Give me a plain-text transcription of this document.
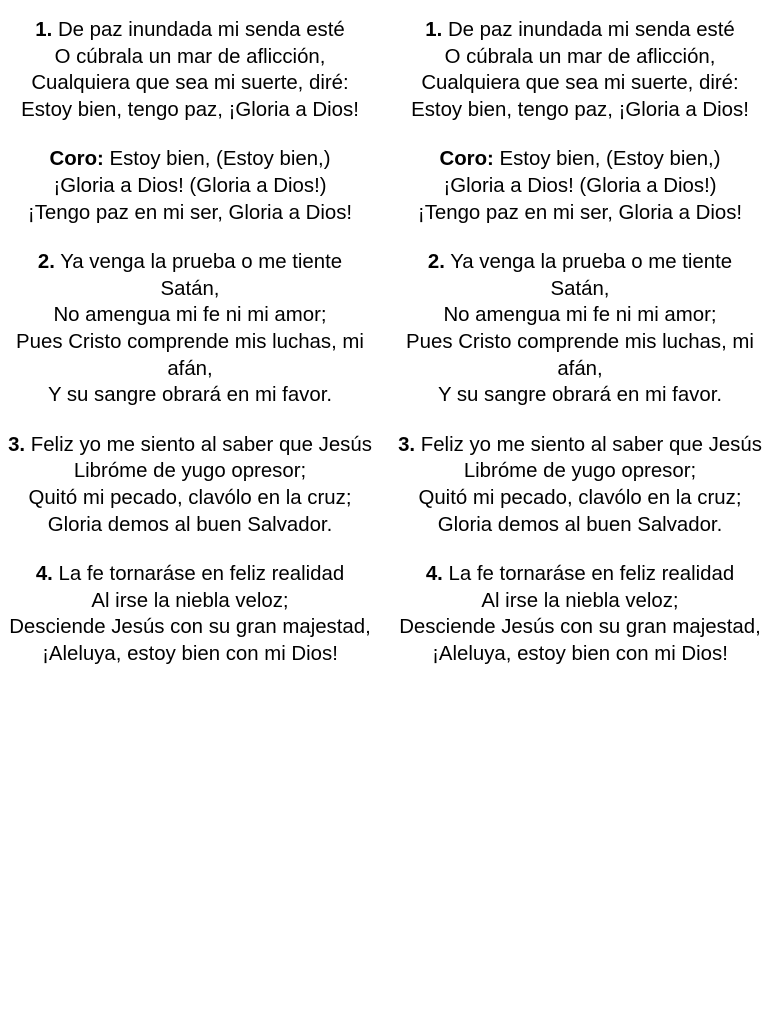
1. De paz inundada mi senda esté
O cúbrala un mar de aflicción,
Cualquiera que sea mi suerte, diré:
Estoy bien, tengo paz, ¡Gloria a Dios!
Coro: Estoy bien, (Estoy bien,)
¡Gloria a Dios! (Gloria a Dios!)
¡Tengo paz en mi ser, Gloria a Dios!
2. Ya venga la prueba o me tiente Satán,
No amengua mi fe ni mi amor;
Pues Cristo comprende mis luchas, mi afán,
Y su sangre obrará en mi favor.
3. Feliz yo me siento al saber que Jesús
Libróme de yugo opresor;
Quitó mi pecado, clavólo en la cruz;
Gloria demos al buen Salvador.
4. La fe tornaráse en feliz realidad
Al irse la niebla veloz;
Desciende Jesús con su gran majestad,
¡Aleluya, estoy bien con mi Dios!
1. De paz inundada mi senda esté
O cúbrala un mar de aflicción,
Cualquiera que sea mi suerte, diré:
Estoy bien, tengo paz, ¡Gloria a Dios!
Coro: Estoy bien, (Estoy bien,)
¡Gloria a Dios! (Gloria a Dios!)
¡Tengo paz en mi ser, Gloria a Dios!
2. Ya venga la prueba o me tiente Satán,
No amengua mi fe ni mi amor;
Pues Cristo comprende mis luchas, mi afán,
Y su sangre obrará en mi favor.
3. Feliz yo me siento al saber que Jesús
Libróme de yugo opresor;
Quitó mi pecado, clavólo en la cruz;
Gloria demos al buen Salvador.
4. La fe tornaráse en feliz realidad
Al irse la niebla veloz;
Desciende Jesús con su gran majestad,
¡Aleluya, estoy bien con mi Dios!
